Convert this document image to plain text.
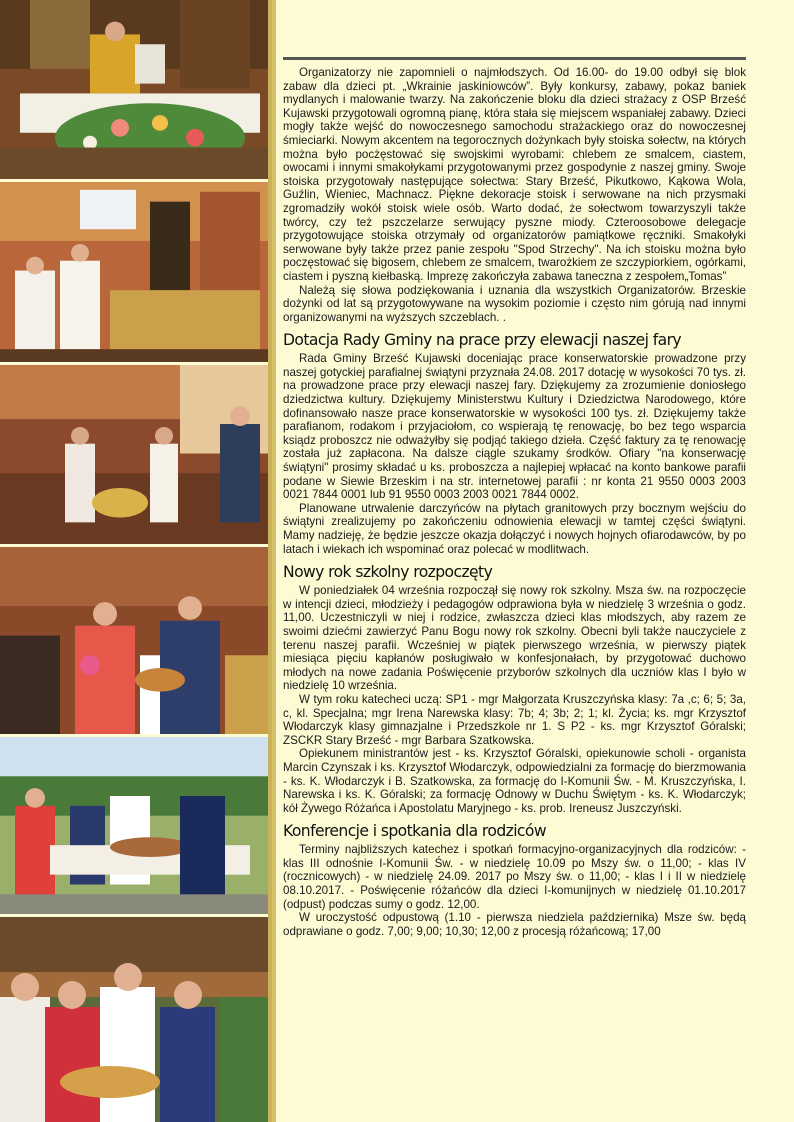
Organizatorzy nie zapomnieli o najmłodszych. Od 16.00- do 19.00 odbył się blok zabaw dla dzieci pt. „Wkrainie jaskiniowców”. Były konkursy, zabawy, pokaz baniek mydlanych i malowanie twarzy. Na zakończenie bloku dla dzieci strażacy z OSP Brześć Kujawski przygotowali ogromną pianę, która stała się miejscem wspaniałej zabawy. Dzieci mogły także wejść do nowoczesnego samochodu strażackiego oraz do nowoczesnej śmieciarki. Nowym akcentem na tegorocznych dożynkach były stoiska sołectw, na których można było pocżęstować się swojskimi wyrobami: chlebem ze smalcem, ciastem, owocami i innymi smakołykami przygotowanymi przez gospodynie z naszej gminy. Swoje stoiska przygotowały następujące sołectwa: Stary Brześć, Pikutkowo, Kąkowa Wola, Guźlin, Wieniec, Machnacz. Piękne dekoracje stoisk i serwowane na nich przysmaki zgromadziły wokół stoisk wiele osób. Warto dodać, że sołectwom towarzyszyli także twórcy, czy też pszczelarze serwujący pyszne miody. Czteroosobowe delegacje przygotowujące stoiska otrzymały od organizatorów pamiątkowe ręczniki. Smakołyki serwowane były także przez panie zespołu "Spod Strzechy". Na ich stoisku można było poczęstować się bigosem, chlebem ze smalcem, twarożkiem ze szczypiorkiem, ogórkami, ciastem i pyszną kiełbaską. Imprezę zakończyła zabawa taneczna z zespołem„Tomas”

Należą się słowa podziękowania i uznania dla wszystkich Organizatorów. Brzeskie dożynki od lat są przygotowywane na wysokim poziomie i często nim górują nad innymi organizowanymi na wyższych szczeblach. .

Dotacja Rady Gminy na prace przy elewacji naszej fary

Rada Gminy Brześć Kujawski doceniając prace konserwatorskie prowadzone przy naszej gotyckiej parafialnej świątyni przyznała 24.08. 2017 dotację w wysokości 70 tys. zł. na prowadzone prace przy elewacji naszej fary. Dziękujemy za zrozumienie doniosłego dziedzictwa kultury. Dziękujemy Ministerstwu Kultury i Dziedzictwa Narodowego, które dofinansowało nasze prace konserwatorskie w wysokości 100 tys. zł. Dziękujemy także parafianom, rodakom i przyjaciołom, co wspierają tę renowację, bo bez tego wsparcia ksiądz proboszcz nie odważyłby się podjąć takiego dzieła. Część faktury za tę renowację została już zapłacona. Na dalsze ciągle szukamy środków. Ofiary "na konserwację świątyni" prosimy składać u ks. proboszcza a najlepiej wpłacać na konto bankowe parafii podane w Siewie Brzeskim i na str. internetowej parafii : nr konta 21 9550 0003 2003 0021 7844 0001 lub 91 9550 0003 2003 0021 7844 0002.

Planowane utrwalenie darczyńców na płytach granitowych przy bocznym wejściu do świątyni zrealizujemy po zakończeniu odnowienia elewacji w tamtej części świątyni. Mamy nadzieję, że będzie jeszcze okazja dołączyć i nowych hojnych ofiarodawców, by po latach i wiekach ich wspominać oraz polecać w modlitwach.

Nowy rok szkolny rozpoczęty

W poniedziałek 04 września rozpoczął się nowy rok szkolny. Msza św. na rozpoczęcie w intencji dzieci, młodzieży i pedagogów odprawiona była w niedzielę 3 września o godz. 11,00. Uczestniczyli w niej i rodzice, zwłaszcza dzieci klas młodszych, aby razem ze swoimi dziećmi zawierzyć Panu Bogu nowy rok szkolny. Obecni byli także nauczyciele z terenu naszej parafii. Wcześniej w piątek pierwszego września, w pierwszy piątek miesiąca pięciu kapłanów posługiwało w konfesjonałach, by przygotować duchowo młodych na nowe zadania Poświęcenie przyborów szkolnych dla uczniów klas I było w niedzielę 10 września.

W tym roku katecheci uczą: SP1 - mgr Małgorzata Kruszczyńska klasy: 7a ,c; 6; 5; 3a, c, kl. Specjalna; mgr Irena Narewska klasy: 7b; 4; 3b; 2; 1; kl. Życia; ks. mgr Krzysztof Włodarczyk klasy gimnazjalne i Przedszkole nr 1. S P2 - ks. mgr Krzysztof Góralski; ZSCKR Stary Brześć - mgr Barbara Szatkowska.

Opiekunem ministrantów jest - ks. Krzysztof Góralski, opiekunowie scholi - organista Marcin Czynszak i ks. Krzysztof Włodarczyk, odpowiedzialni za formację do bierzmowania - ks. K. Włodarczyk i B. Szatkowska, za formację do I-Komunii Św. - M. Kruszczyńska, I. Narewska i ks. K. Góralski; za formację Odnowy w Duchu Świętym - ks. K. Włodarczyk; kół Żywego Różańca i Apostolatu Maryjnego - ks. prob. Ireneusz Juszczyński.

Konferencje i spotkania dla rodziców

Terminy najbliższych katechez i spotkań formacyjno-organizacyjnych dla rodziców: - klas III odnośnie I-Komunii Św. - w niedzielę 10.09 po Mszy św. o 11,00; - klas IV (rocznicowych) - w niedzielę 24.09. 2017 po Mszy św. o 11,00; - klas I i II w niedzielę 08.10.2017. - Poświęcenie różańców dla dzieci I-komunijnych w niedzielę 01.10.2017 (odpust) podczas sumy o godz. 12,00.

W uroczystość odpustową (1.10 - pierwsza niedziela października) Msze św. będą odprawiane o godz. 7,00; 9,00; 10,30; 12,00 z procesją różańcową; 17,00
